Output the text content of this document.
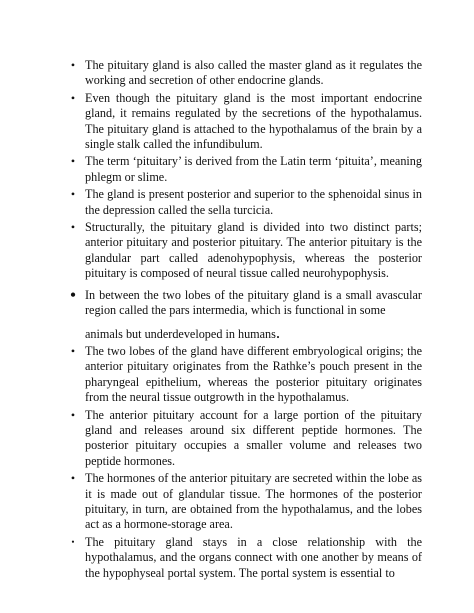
• The pituitary gland is also called the master gland as it regulates the working and secretion of other endocrine glands.
• Even though the pituitary gland is the most important endocrine gland, it remains regulated by the secretions of the hypothalamus. The pituitary gland is attached to the hypothalamus of the brain by a single stalk called the infundibulum.
• The term ‘pituitary’ is derived from the Latin term ‘pituita’, meaning phlegm or slime.
• The gland is present posterior and superior to the sphenoidal sinus in the depression called the sella turcicia.
• Structurally, the pituitary gland is divided into two distinct parts; anterior pituitary and posterior pituitary. The anterior pituitary is the glandular part called adenohypophysis, whereas the posterior pituitary is composed of neural tissue called neurohypophysis.
• In between the two lobes of the pituitary gland is a small avascular region called the pars intermedia, which is functional in some
animals but underdeveloped in humans.
• The two lobes of the gland have different embryological origins; the anterior pituitary originates from the Rathke’s pouch present in the pharyngeal epithelium, whereas the posterior pituitary originates from the neural tissue outgrowth in the hypothalamus.
• The anterior pituitary account for a large portion of the pituitary gland and releases around six different peptide hormones. The posterior pituitary occupies a smaller volume and releases two peptide hormones.
• The hormones of the anterior pituitary are secreted within the lobe as it is made out of glandular tissue. The hormones of the posterior pituitary, in turn, are obtained from the hypothalamus, and the lobes act as a hormone-storage area.
• The pituitary gland stays in a close relationship with the hypothalamus, and the organs connect with one another by means of the hypophyseal portal system. The portal system is essential to
